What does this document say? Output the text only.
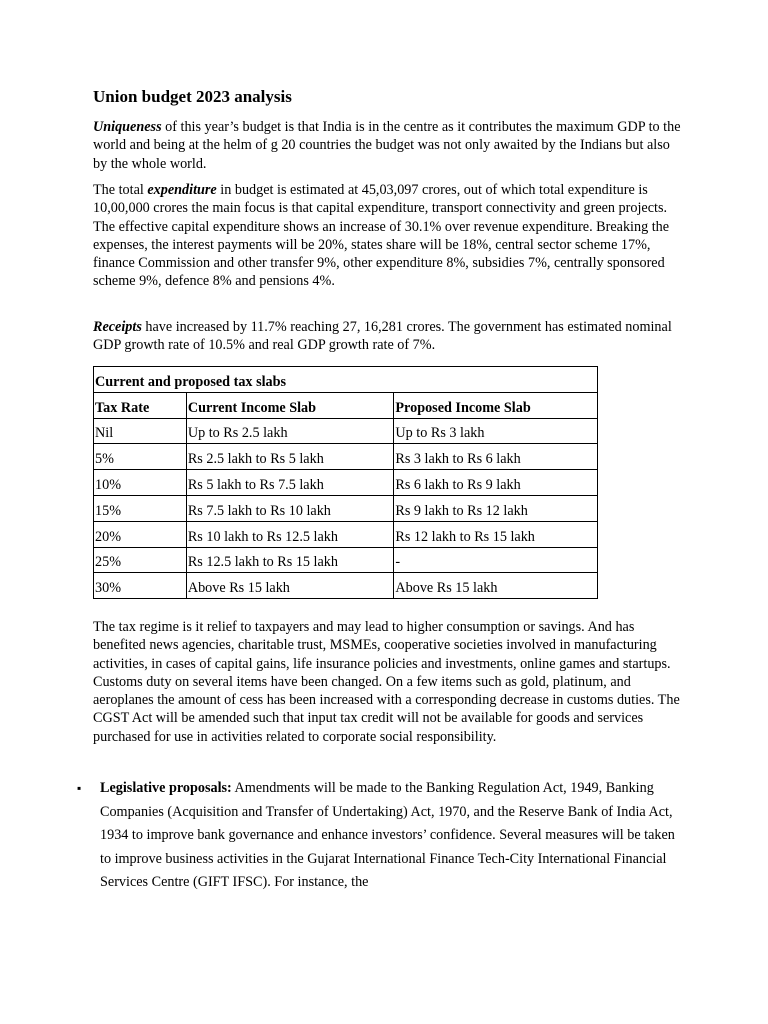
Union budget 2023 analysis

Uniqueness of this year’s budget is that India is in the centre as it contributes the maximum GDP to the world and being at the helm of g 20 countries the budget was not only awaited by the Indians but also by the whole world.

The total expenditure in budget is estimated at 45,03,097 crores, out of which total expenditure is 10,00,000 crores the main focus is that capital expenditure, transport connectivity and green projects. The effective capital expenditure shows an increase of 30.1% over revenue expenditure. Breaking the expenses, the interest payments will be 20%, states share will be 18%, central sector scheme 17%, finance Commission and other transfer 9%, other expenditure 8%, subsidies 7%, centrally sponsored scheme 9%, defence 8% and pensions 4%.

Receipts have increased by 11.7% reaching 27, 16,281 crores. The government has estimated nominal GDP growth rate of 10.5% and real GDP growth rate of 7%.

Current and proposed tax slabs		
Tax Rate	Current Income Slab	Proposed Income Slab
Nil	Up to Rs 2.5 lakh	Up to Rs 3 lakh
5%	Rs 2.5 lakh to Rs 5 lakh	Rs 3 lakh to Rs 6 lakh
10%	Rs 5 lakh to Rs 7.5 lakh	Rs 6 lakh to Rs 9 lakh
15%	Rs 7.5 lakh to Rs 10 lakh	Rs 9 lakh to Rs 12 lakh
20%	Rs 10 lakh to Rs 12.5 lakh	Rs 12 lakh to Rs 15 lakh
25%	Rs 12.5 lakh to Rs 15 lakh	-
30%	Above Rs 15 lakh	Above Rs 15 lakh

The tax regime is it relief to taxpayers and may lead to higher consumption or savings. And has benefited news agencies, charitable trust, MSMEs, cooperative societies involved in manufacturing activities, in cases of capital gains, life insurance policies and investments, online games and startups. Customs duty on several items have been changed. On a few items such as gold, platinum, and aeroplanes the amount of cess has been increased with a corresponding decrease in customs duties. The CGST Act will be amended such that input tax credit will not be available for goods and services purchased for use in activities related to corporate social responsibility.

▪ Legislative proposals: Amendments will be made to the Banking Regulation Act, 1949, Banking Companies (Acquisition and Transfer of Undertaking) Act, 1970, and the Reserve Bank of India Act, 1934 to improve bank governance and enhance investors’ confidence. Several measures will be taken to improve business activities in the Gujarat International Finance Tech-City International Financial Services Centre (GIFT IFSC). For instance, the
